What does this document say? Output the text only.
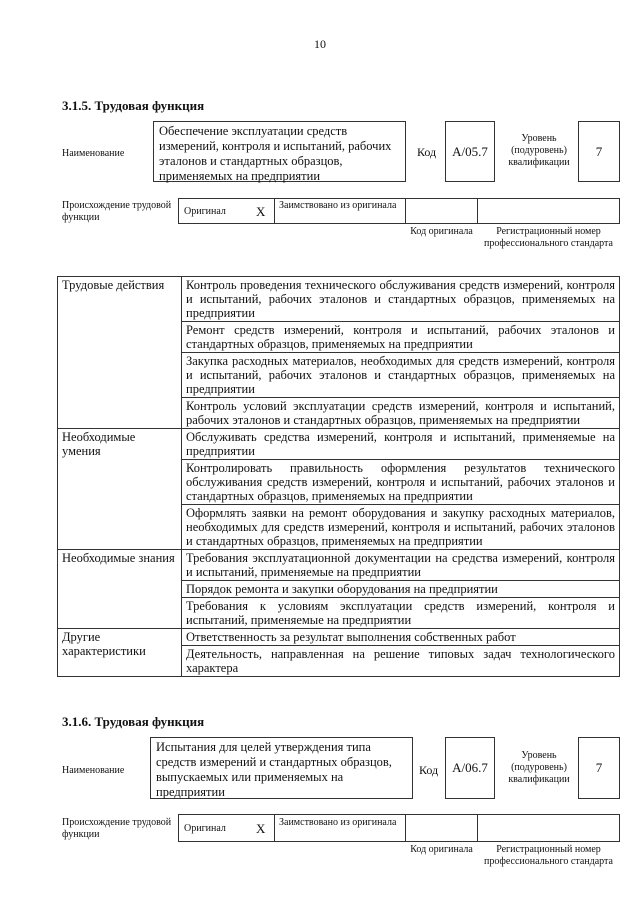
10
3.1.5. Трудовая функция
Наименование
Обеспечение эксплуатации средств измерений, контроля и испытаний, рабочих эталонов и стандартных образцов, применяемых на предприятии
Код A/05.7
Уровень (подуровень) квалификации
7
Происхождение трудовой функции
Оригинал X Заимствовано из оригинала
Код оригинала	Регистрационный номер профессионального стандарта
Трудовые действия	Контроль проведения технического обслуживания средств измерений, контроля и испытаний, рабочих эталонов и стандартных образцов, применяемых на предприятии
	Ремонт средств измерений, контроля и испытаний, рабочих эталонов и стандартных образцов, применяемых на предприятии
	Закупка расходных материалов, необходимых для средств измерений, контроля и испытаний, рабочих эталонов и стандартных образцов, применяемых на предприятии
	Контроль условий эксплуатации средств измерений, контроля и испытаний, рабочих эталонов и стандартных образцов, применяемых на предприятии
Необходимые умения	Обслуживать средства измерений, контроля и испытаний, применяемые на предприятии
	Контролировать правильность оформления результатов технического обслуживания средств измерений, контроля и испытаний, рабочих эталонов и стандартных образцов, применяемых на предприятии
	Оформлять заявки на ремонт оборудования и закупку расходных материалов, необходимых для средств измерений, контроля и испытаний, рабочих эталонов и стандартных образцов, применяемых на предприятии
Необходимые знания	Требования эксплуатационной документации на средства измерений, контроля и испытаний, применяемые на предприятии
	Порядок ремонта и закупки оборудования на предприятии
	Требования к условиям эксплуатации средств измерений, контроля и испытаний, применяемые на предприятии
Другие характеристики	Ответственность за результат выполнения собственных работ
	Деятельность, направленная на решение типовых задач технологического характера
3.1.6. Трудовая функция
Наименование
Испытания для целей утверждения типа средств измерений и стандартных образцов, выпускаемых или применяемых на предприятии
Код A/06.7
Уровень (подуровень) квалификации
7
Происхождение трудовой функции
Оригинал X Заимствовано из оригинала
Код оригинала	Регистрационный номер профессионального стандарта
